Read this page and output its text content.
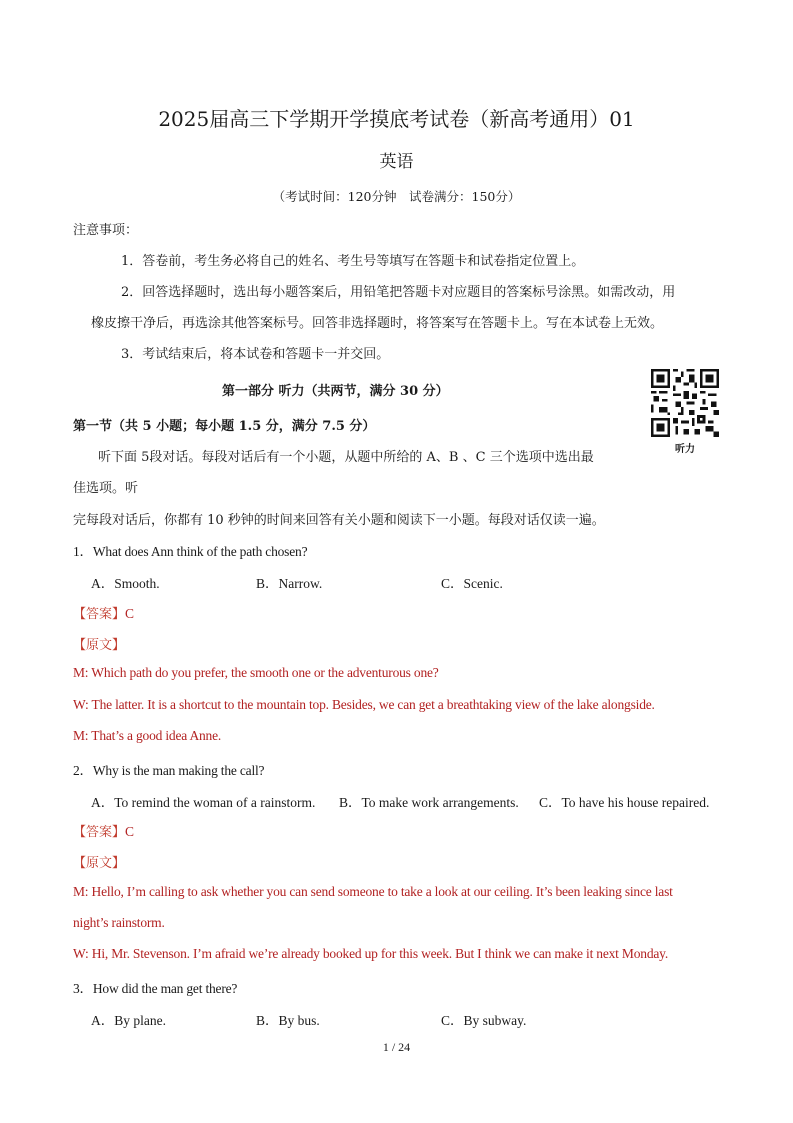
2025届高三下学期开学摸底考试卷（新高考通用）01
英语
（考试时间：120分钟　试卷满分：150分）
注意事项：
1．答卷前，考生务必将自己的姓名、考生号等填写在答题卡和试卷指定位置上。
2．回答选择题时，选出每小题答案后，用铅笔把答题卡对应题目的答案标号涂黑。如需改动，用
橡皮擦干净后，再选涂其他答案标号。回答非选择题时，将答案写在答题卡上。写在本试卷上无效。
3．考试结束后，将本试卷和答题卡一并交回。
第一部分 听力（共两节，满分 30 分）
听力
第一节（共 5 小题；每小题 1.5 分，满分 7.5 分）
听下面 5段对话。每段对话后有一个小题，从题中所给的 A、B 、C 三个选项中选出最
佳选项。听
完每段对话后，你都有 10 秒钟的时间来回答有关小题和阅读下一小题。每段对话仅读一遍。
1．What does Ann think of the path chosen?
A．Smooth.	B．Narrow.	C．Scenic.
【答案】C
【原文】
M: Which path do you prefer, the smooth one or the adventurous one?
W: The latter. It is a shortcut to the mountain top. Besides, we can get a breathtaking view of the lake alongside.
M: That’s a good idea Anne.
2．Why is the man making the call?
A．To remind the woman of a rainstorm. B．To make work arrangements. C．To have his house repaired.
【答案】C
【原文】
M: Hello, I’m calling to ask whether you can send someone to take a look at our ceiling. It’s been leaking since last
night’s rainstorm.
W: Hi, Mr. Stevenson. I’m afraid we’re already booked up for this week. But I think we can make it next Monday.
3．How did the man get there?
A．By plane.	B．By bus.	C．By subway.
1 / 24
